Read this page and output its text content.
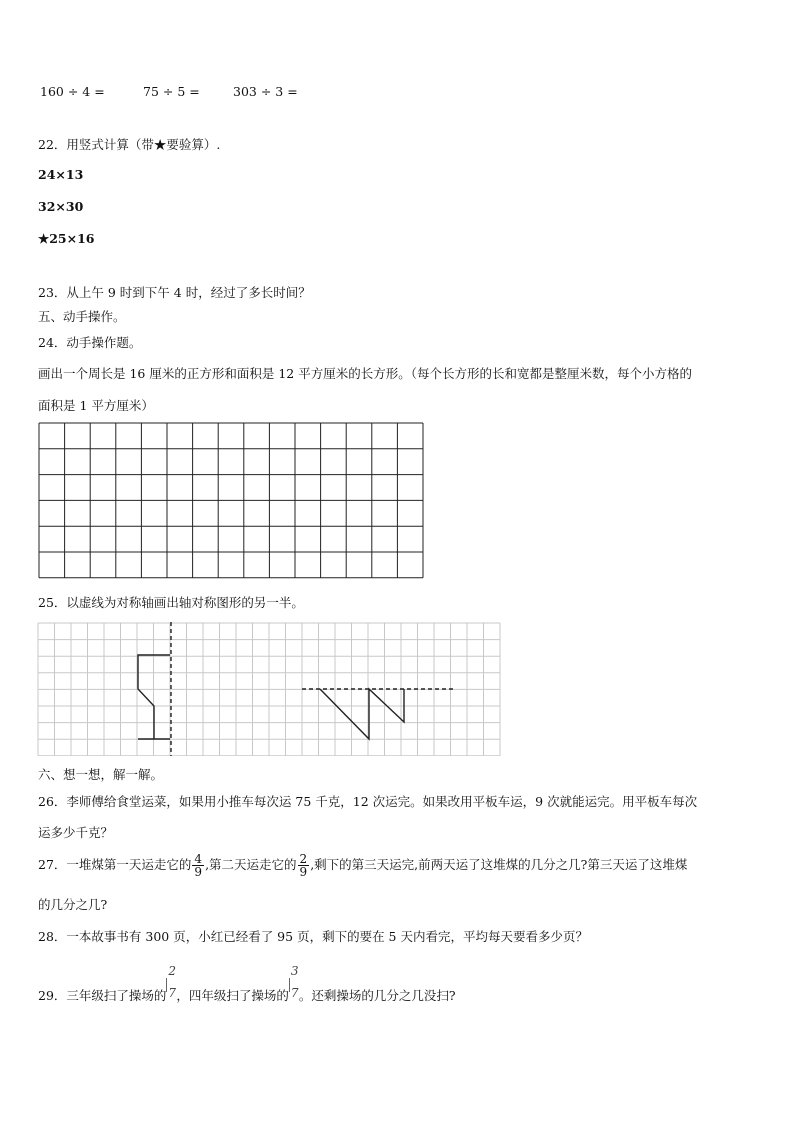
160 ÷ 4 =	75 ÷ 5 =	303 ÷ 3 =
22．用竖式计算（带★要验算）.
24×13
32×30
★25×16
23．从上午 9 时到下午 4 时，经过了多长时间？
五、动手操作。
24．动手操作题。
画出一个周长是 16 厘米的正方形和面积是 12 平方厘米的长方形。（每个长方形的长和宽都是整厘米数，每个小方格的
面积是 1 平方厘米）
25．以虚线为对称轴画出轴对称图形的另一半。
六、想一想，解一解。
26．李师傅给食堂运菜，如果用小推车每次运 75 千克，12 次运完。如果改用平板车运，9 次就能运完。用平板车每次
运多少千克？
27．一堆煤第一天运走它的 $\frac{4}{9}$ ,第二天运走它的 $\frac{2}{9}$ ,剩下的第三天运完,前两天运了这堆煤的几分之几?第三天运了这堆煤
的几分之几?
28．一本故事书有 300 页，小红已经看了 95 页，剩下的要在 5 天内看完，平均每天要看多少页？
29．三年级扫了操场的
2
7 ，四年级扫了操场的
3
7 。还剩操场的几分之几没扫?
